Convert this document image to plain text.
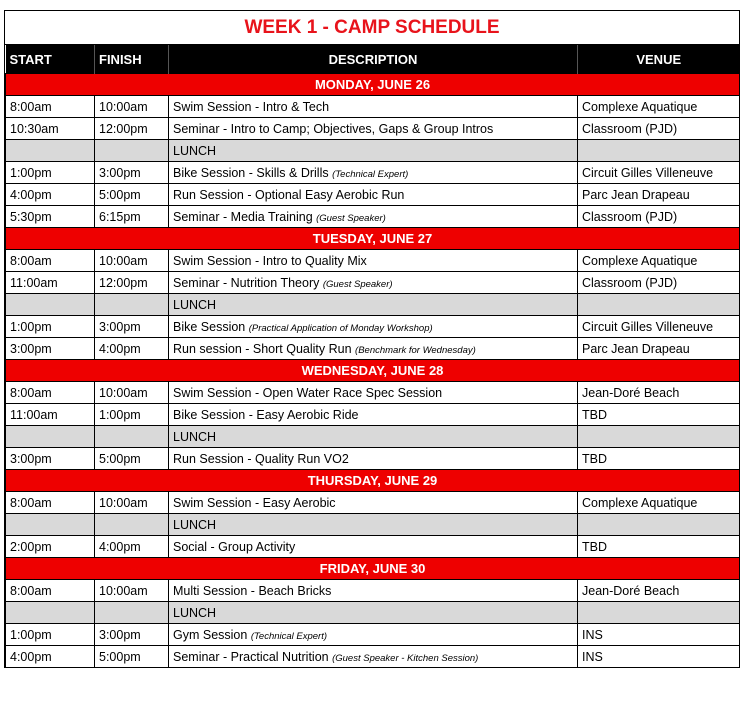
WEEK 1 - CAMP SCHEDULE
START	FINISH	DESCRIPTION	VENUE
MONDAY, JUNE 26			
8:00am	10:00am	Swim Session - Intro & Tech	Complexe Aquatique
10:30am	12:00pm	Seminar - Intro to Camp; Objectives, Gaps & Group Intros	Classroom (PJD)
		LUNCH	
1:00pm	3:00pm	Bike Session - Skills & Drills (Technical Expert)	Circuit Gilles Villeneuve
4:00pm	5:00pm	Run Session - Optional Easy Aerobic Run	Parc Jean Drapeau
5:30pm	6:15pm	Seminar - Media Training (Guest Speaker)	Classroom (PJD)
TUESDAY, JUNE 27			
8:00am	10:00am	Swim Session - Intro to Quality Mix	Complexe Aquatique
11:00am	12:00pm	Seminar - Nutrition Theory (Guest Speaker)	Classroom (PJD)
		LUNCH	
1:00pm	3:00pm	Bike Session (Practical Application of Monday Workshop)	Circuit Gilles Villeneuve
3:00pm	4:00pm	Run session - Short Quality Run (Benchmark for Wednesday)	Parc Jean Drapeau
WEDNESDAY, JUNE 28			
8:00am	10:00am	Swim Session - Open Water Race Spec Session	Jean-Doré Beach
11:00am	1:00pm	Bike Session - Easy Aerobic Ride	TBD
		LUNCH	
3:00pm	5:00pm	Run Session - Quality Run VO2	TBD
THURSDAY, JUNE 29			
8:00am	10:00am	Swim Session - Easy Aerobic	Complexe Aquatique
		LUNCH	
2:00pm	4:00pm	Social - Group Activity	TBD
FRIDAY, JUNE 30			
8:00am	10:00am	Multi Session - Beach Bricks	Jean-Doré Beach
		LUNCH	
1:00pm	3:00pm	Gym Session (Technical Expert)	INS
4:00pm	5:00pm	Seminar - Practical Nutrition (Guest Speaker - Kitchen Session)	INS
